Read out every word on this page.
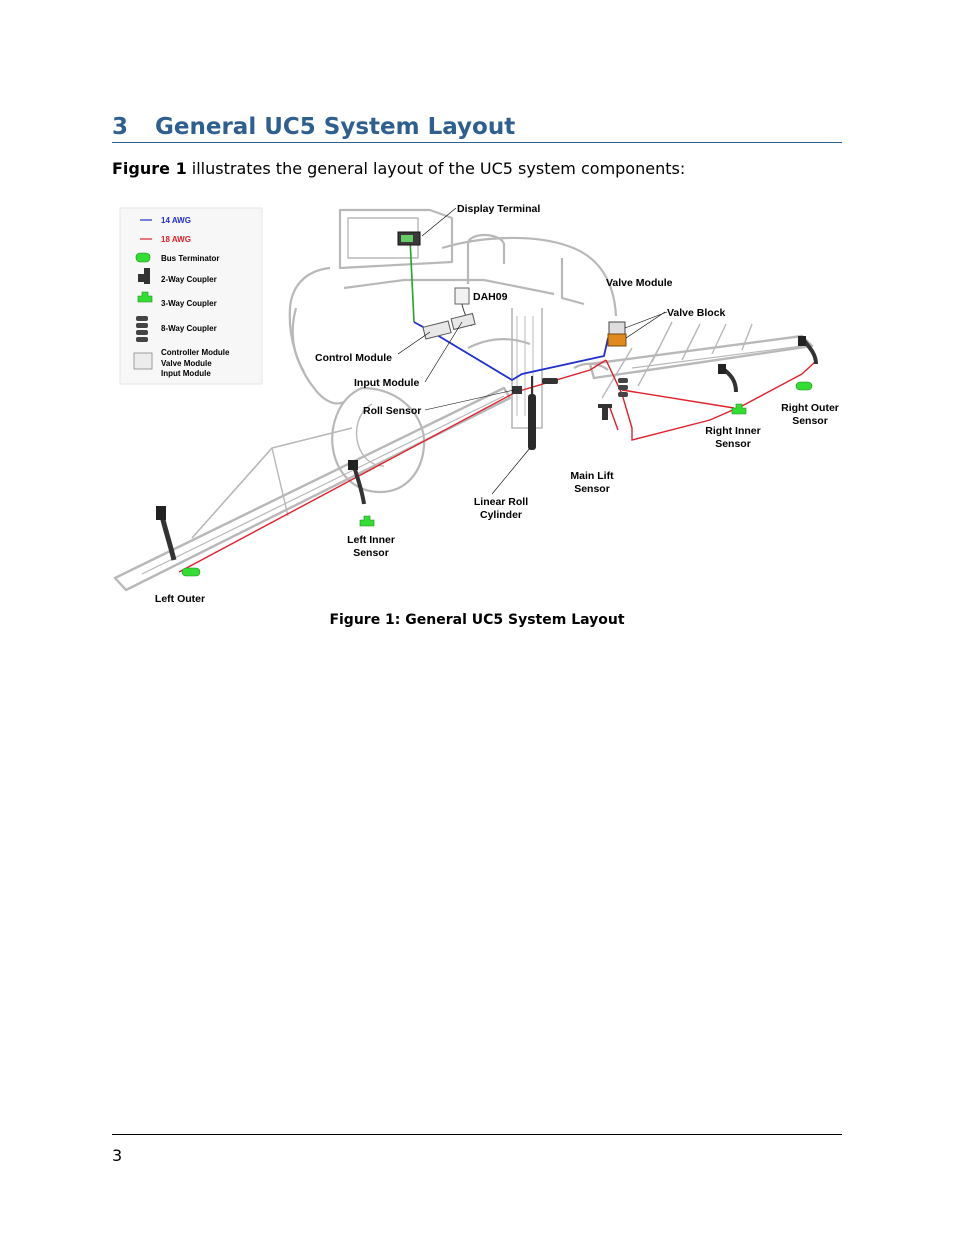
3 General UC5 System Layout
Figure 1 illustrates the general layout of the UC5 system components:
14 AWG
18 AWG
Bus Terminator
2-Way Coupler
3-Way Coupler
8-Way Coupler
Controller Module
Valve Module
Input Module
Display Terminal
DAH09
Valve Module
Valve Block
Control Module
Input Module
Roll Sensor	Right Outer
Sensor
Right Inner
Sensor
Main Lift
Sensor
Linear Roll
Cylinder
Left Inner
Sensor
Left Outer
Figure 1: General UC5 System Layout
3
